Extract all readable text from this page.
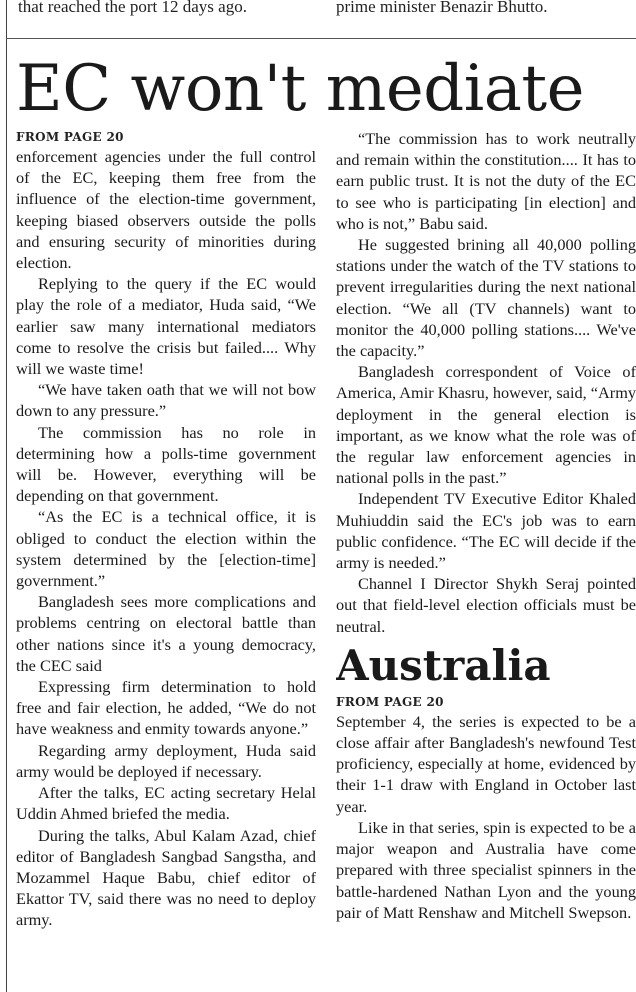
that reached the port 12 days ago.	prime minister Benazir Bhutto.
EC won't mediate
FROM PAGE 20

enforcement agencies under the full control of the EC, keeping them free from the influence of the election-time government, keeping biased observers outside the polls and ensuring security of minorities during election.

Replying to the query if the EC would play the role of a mediator, Huda said, “We earlier saw many international mediators come to resolve the crisis but failed.... Why will we waste time!

“We have taken oath that we will not bow down to any pressure.”

The commission has no role in determining how a polls-time government will be. However, everything will be depending on that government.

“As the EC is a technical office, it is obliged to conduct the election within the system determined by the [election-time] government.”

Bangladesh sees more complications and problems centring on electoral battle than other nations since it's a young democracy, the CEC said

Expressing firm determination to hold free and fair election, he added, “We do not have weakness and enmity towards anyone.”

Regarding army deployment, Huda said army would be deployed if necessary.

After the talks, EC acting secretary Helal Uddin Ahmed briefed the media.

During the talks, Abul Kalam Azad, chief editor of Bangladesh Sangbad Sangstha, and Mozammel Haque Babu, chief editor of Ekattor TV, said there was no need to deploy army.

“The commission has to work neutrally and remain within the constitution.... It has to earn public trust. It is not the duty of the EC to see who is participating [in election] and who is not,” Babu said.

He suggested brining all 40,000 polling stations under the watch of the TV stations to prevent irregularities during the next national election. “We all (TV channels) want to monitor the 40,000 polling stations.... We've the capacity.”

Bangladesh correspondent of Voice of America, Amir Khasru, however, said, “Army deployment in the general election is important, as we know what the role was of the regular law enforcement agencies in national polls in the past.”

Independent TV Executive Editor Khaled Muhiuddin said the EC's job was to earn public confidence. “The EC will decide if the army is needed.”

Channel I Director Shykh Seraj pointed out that field-level election officials must be neutral.

Australia
FROM PAGE 20

September 4, the series is expected to be a close affair after Bangladesh's newfound Test proficiency, especially at home, evidenced by their 1-1 draw with England in October last year.

Like in that series, spin is expected to be a major weapon and Australia have come prepared with three specialist spinners in the battle-hardened Nathan Lyon and the young pair of Matt Renshaw and Mitchell Swepson.
